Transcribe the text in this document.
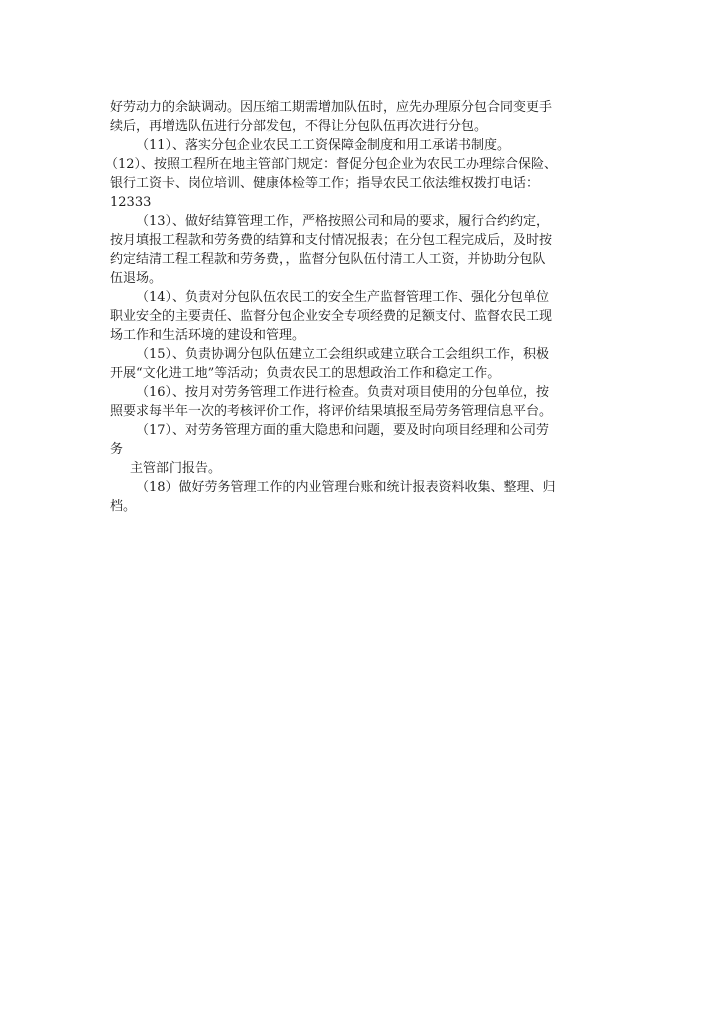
好劳动力的余缺调动。因压缩工期需增加队伍时，应先办理原分包合同变更手
续后，再增选队伍进行分部发包，不得让分包队伍再次进行分包。
（11）、落实分包企业农民工工资保障金制度和用工承诺书制度。
（12）、按照工程所在地主管部门规定：督促分包企业为农民工办理综合保险、
银行工资卡、岗位培训、健康体检等工作；指导农民工依法维权拨打电话：
12333
（13）、做好结算管理工作，严格按照公司和局的要求，履行合约约定，
按月填报工程款和劳务费的结算和支付情况报表；在分包工程完成后，及时按
约定结清工程工程款和劳务费，，监督分包队伍付清工人工资，并协助分包队
伍退场。
（14）、负责对分包队伍农民工的安全生产监督管理工作、强化分包单位
职业安全的主要责任、监督分包企业安全专项经费的足额支付、监督农民工现
场工作和生活环境的建设和管理。
（15）、负责协调分包队伍建立工会组织或建立联合工会组织工作，积极
开展“文化进工地”等活动；负责农民工的思想政治工作和稳定工作。
（16）、按月对劳务管理工作进行检查。负责对项目使用的分包单位，按
照要求每半年一次的考核评价工作，将评价结果填报至局劳务管理信息平台。
（17）、对劳务管理方面的重大隐患和问题，要及时向项目经理和公司劳
务
主管部门报告。
（18）做好劳务管理工作的内业管理台账和统计报表资料收集、整理、归
档。
